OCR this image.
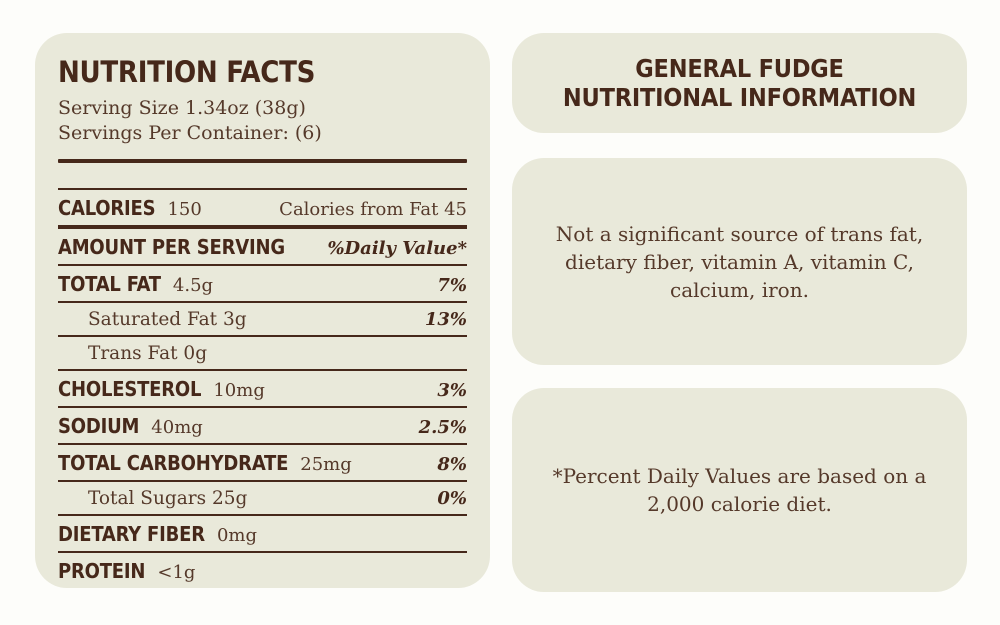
NUTRITION FACTS

Serving Size 1.34oz (38g)

Servings Per Container: (6)

CALORIES 150	Calories from Fat 45
AMOUNT PER SERVING %Daily Value*
TOTAL FAT 4.5g	7%
Saturated Fat 3g	13%
Trans Fat 0g
CHOLESTEROL 10mg	3%
SODIUM 40mg	2.5%
TOTAL CARBOHYDRATE 25mg	8%
Total Sugars 25g	0%
DIETARY FIBER 0mg
PROTEIN <1g
GENERAL FUDGE
NUTRITIONAL INFORMATION

Not a significant source of trans fat, dietary fiber, vitamin A, vitamin C, calcium, iron.

*Percent Daily Values are based on a 2,000 calorie diet.
